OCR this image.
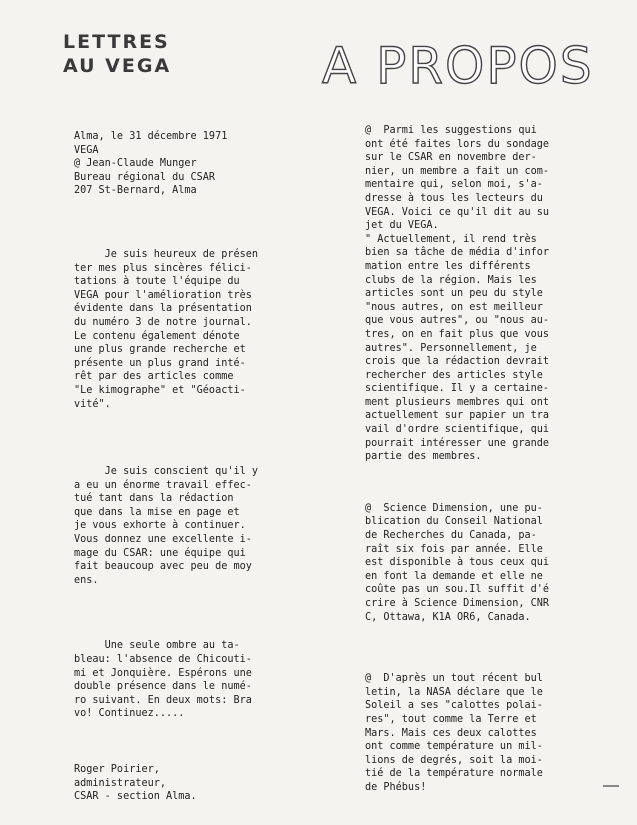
LETTRES
AU VEGA	A PROPOS

Alma, le 31 décembre 1971
VEGA
@ Jean-Claude Munger
Bureau régional du CSAR
207 St-Bernard, Alma

Je suis heureux de présen
ter mes plus sincères félici-
tations à toute l'équipe du
VEGA pour l'amélioration très
évidente dans la présentation
du numéro 3 de notre journal.
Le contenu également dénote
une plus grande recherche et
présente un plus grand inté-
rêt par des articles comme
"Le kimographe" et "Géoacti-
vité".

Je suis conscient qu'il y
a eu un énorme travail effec-
tué tant dans la rédaction
que dans la mise en page et
je vous exhorte à continuer.
Vous donnez une excellente i-
mage du CSAR: une équipe qui
fait beaucoup avec peu de moy
ens.

Une seule ombre au ta-
bleau: l'absence de Chicouti-
mi et Jonquière. Espérons une
double présence dans le numé-
ro suivant. En deux mots: Bra
vo! Continuez.....

Roger Poirier,
administrateur,
CSAR - section Alma.

@  Parmi les suggestions qui
ont été faites lors du sondage
sur le CSAR en novembre der-
nier, un membre a fait un com-
mentaire qui, selon moi, s'a-
dresse à tous les lecteurs du
VEGA. Voici ce qu'il dit au su
jet du VEGA.
" Actuellement, il rend très
bien sa tâche de média d'infor
mation entre les différents
clubs de la région. Mais les
articles sont un peu du style
"nous autres, on est meilleur
que vous autres", ou "nous au-
tres, on en fait plus que vous
autres". Personnellement, je
crois que la rédaction devrait
rechercher des articles style
scientifique. Il y a certaine-
ment plusieurs membres qui ont
actuellement sur papier un tra
vail d'ordre scientifique, qui
pourrait intéresser une grande
partie des membres.

@  Science Dimension, une pu-
blication du Conseil National
de Recherches du Canada, pa-
raît six fois par année. Elle
est disponible à tous ceux qui
en font la demande et elle ne
coûte pas un sou.Il suffit d'é
crire à Science Dimension, CNR
C, Ottawa, K1A OR6, Canada.

@  D'après un tout récent bul
letin, la NASA déclare que le
Soleil a ses "calottes polai-
res", tout comme la Terre et
Mars. Mais ces deux calottes
ont comme température un mil-
lions de degrés, soit la moi-
tié de la température normale
de Phébus!
